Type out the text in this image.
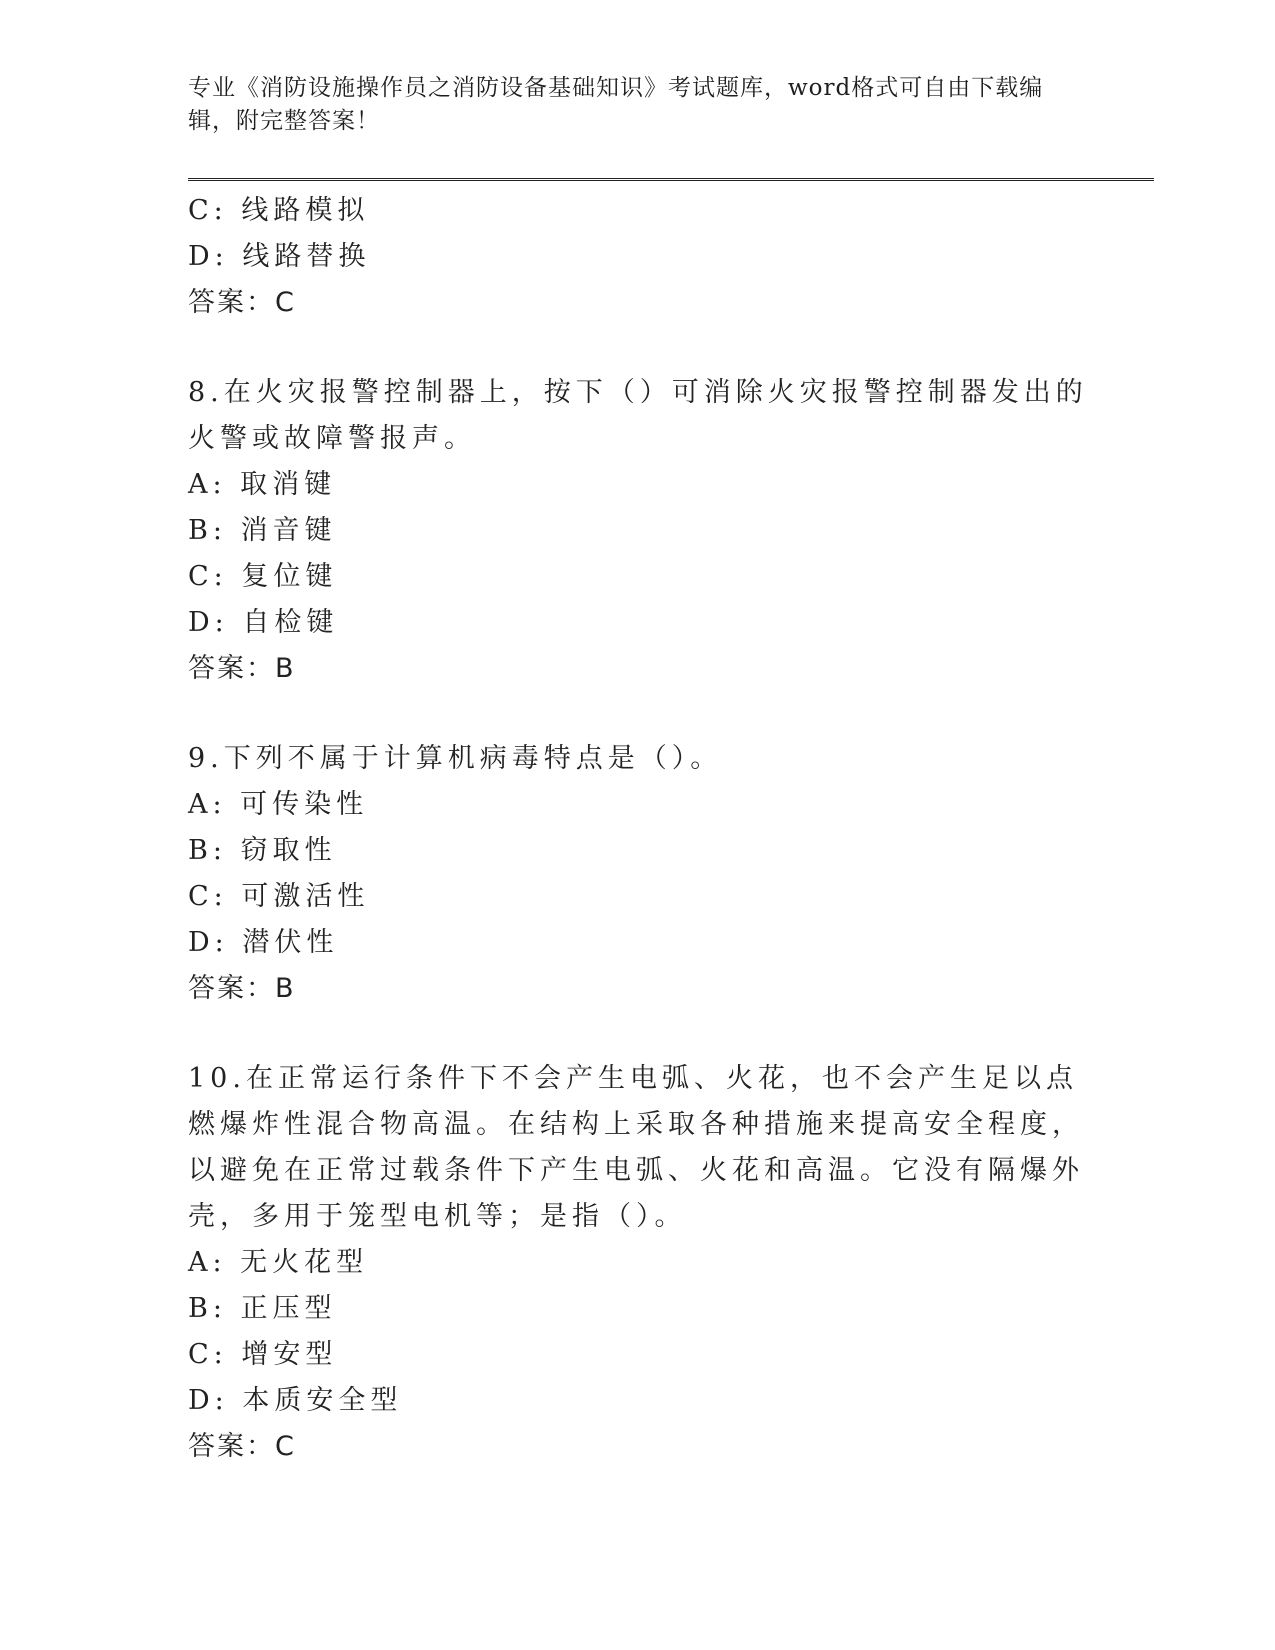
专业《消防设施操作员之消防设备基础知识》考试题库，word格式可自由下载编辑，附完整答案！
C: 线路模拟
D: 线路替换
答案：C
8.在火灾报警控制器上，按下（）可消除火灾报警控制器发出的火警或故障警报声。
A: 取消键
B: 消音键
C: 复位键
D: 自检键
答案：B
9.下列不属于计算机病毒特点是（）。
A: 可传染性
B: 窃取性
C: 可激活性
D: 潜伏性
答案：B
10.在正常运行条件下不会产生电弧、火花，也不会产生足以点燃爆炸性混合物高温。在结构上采取各种措施来提高安全程度，以避免在正常过载条件下产生电弧、火花和高温。它没有隔爆外壳，多用于笼型电机等；是指（）。
A: 无火花型
B: 正压型
C: 增安型
D: 本质安全型
答案：C
